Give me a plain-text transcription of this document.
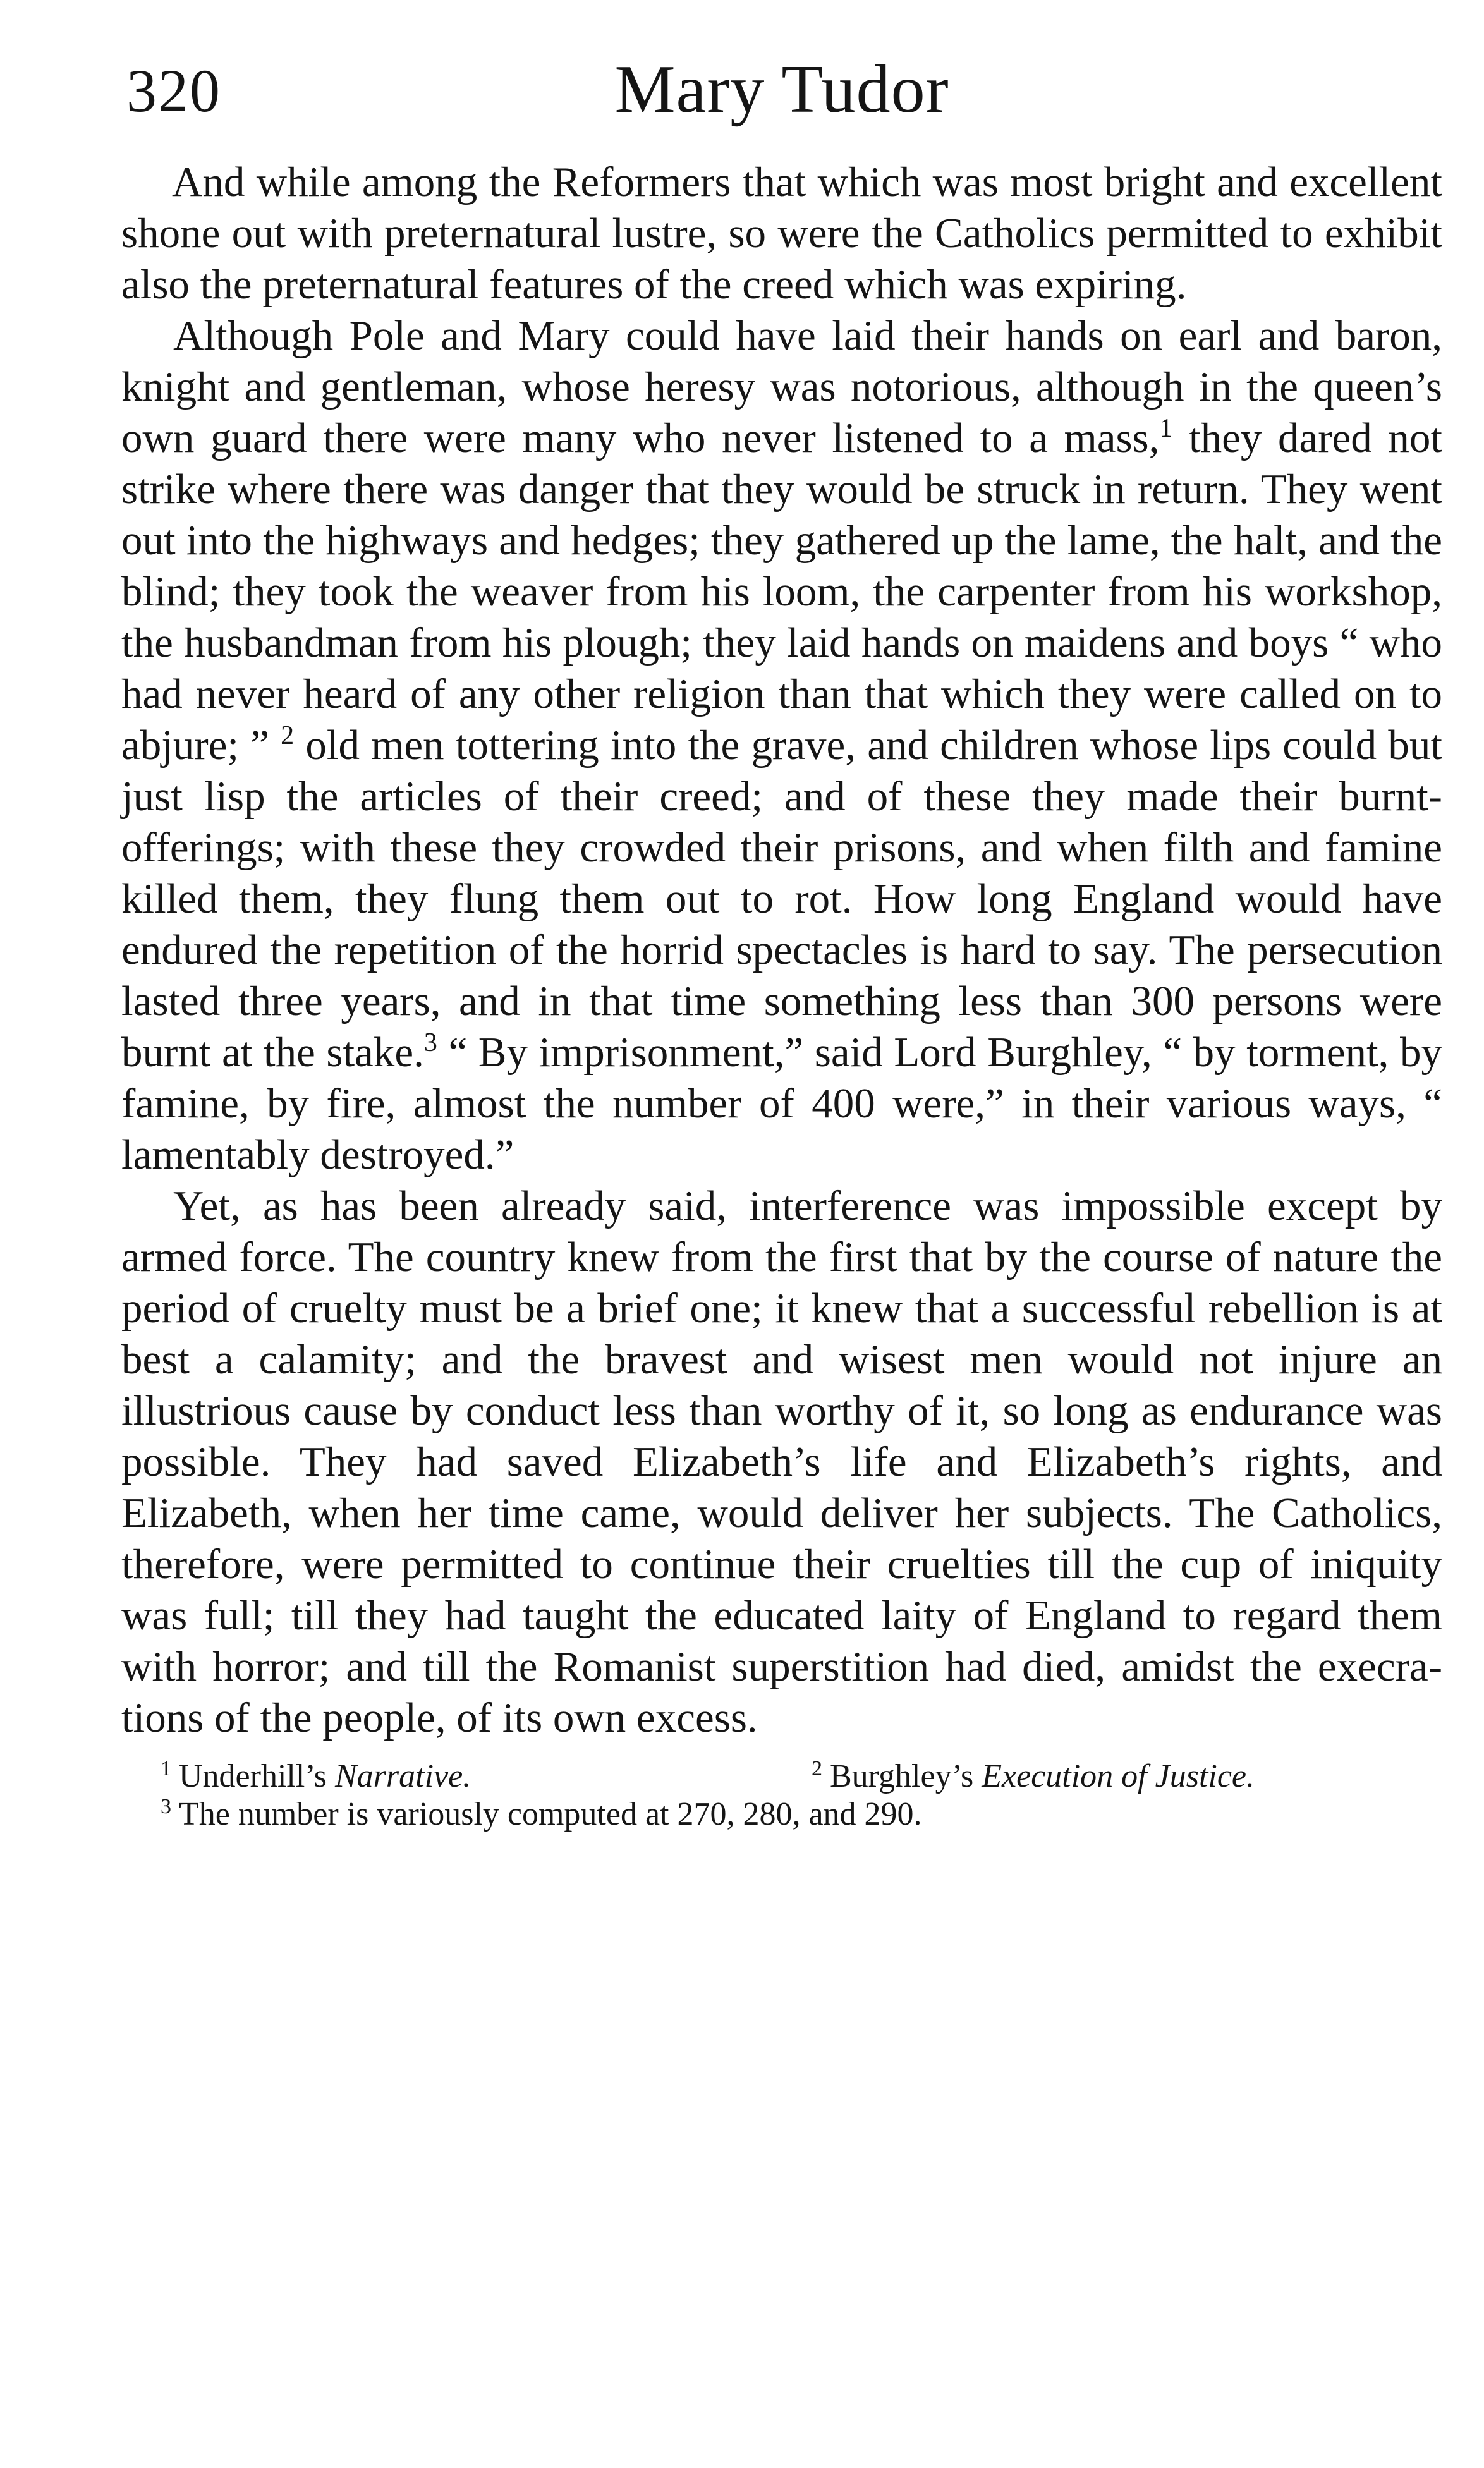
320	Mary Tudor

And while among the Reformers that which was most bright and excellent shone out with preternatural lustre, so were the Catholics permitted to exhibit also the preternatural features of the creed which was expiring.

Although Pole and Mary could have laid their hands on earl and baron, knight and gentleman, whose heresy was notorious, although in the queen’s own guard there were many who never listened to a mass,$^1$ they dared not strike where there was danger that they would be struck in return. They went out into the highways and hedges; they gathered up the lame, the halt, and the blind; they took the weaver from his loom, the carpenter from his workshop, the husbandman from his plough; they laid hands on maidens and boys “ who had never heard of any other religion than that which they were called on to abjure; ” $^2$ old men tottering into the grave, and children whose lips could but just lisp the articles of their creed; and of these they made their burnt-offerings; with these they crowded their prisons, and when filth and famine killed them, they flung them out to rot. How long England would have endured the repetition of the horrid spectacles is hard to say. The persecution lasted three years, and in that time something less than 300 persons were burnt at the stake.$^3$ “ By imprisonment,” said Lord Burghley, “ by torment, by famine, by fire, almost the number of 400 were,” in their various ways, “ lamentably destroyed.”

Yet, as has been already said, interference was impossible except by armed force. The country knew from the first that by the course of nature the period of cruelty must be a brief one; it knew that a successful rebellion is at best a calamity; and the bravest and wisest men would not injure an illustrious cause by conduct less than worthy of it, so long as endurance was possible. They had saved Elizabeth’s life and Elizabeth’s rights, and Elizabeth, when her time came, would deliver her subjects. The Catholics, therefore, were permitted to continue their cruelties till the cup of iniquity was full; till they had taught the educated laity of England to regard them with horror; and till the Romanist superstition had died, amidst the execrations of the people, of its own excess.

$^1$ Underhill’s Narrative.	$^2$ Burghley’s Execution of Justice.
$^3$ The number is variously computed at 270, 280, and 290.
